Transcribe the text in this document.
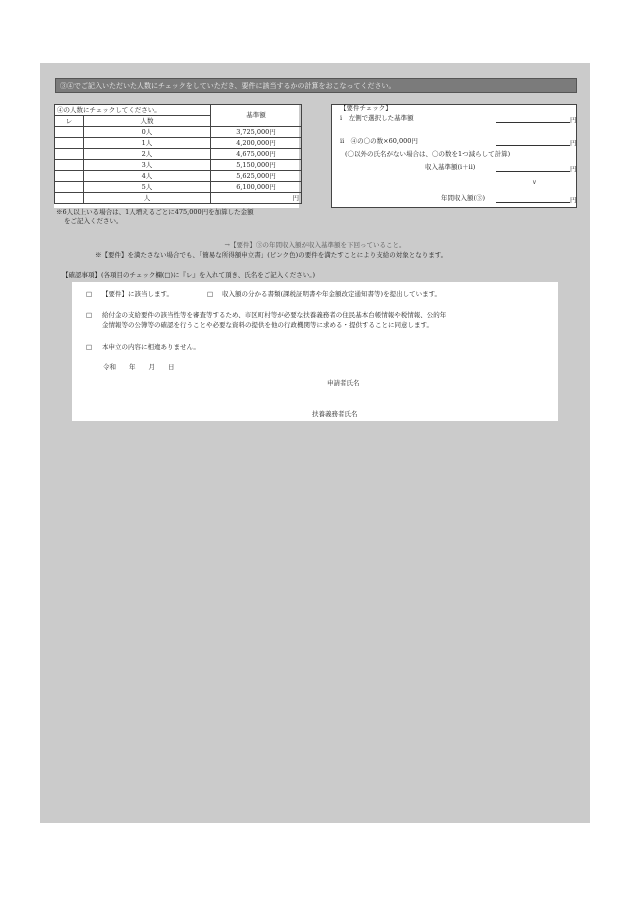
③④でご記入いただいた人数にチェックをしていただき、要件に該当するかの計算をおこなってください。
④の人数にチェックしてください。		基準額
レ	人数	
	0人	3,725,000円
	1人	4,200,000円
	2人	4,675,000円
	3人	5,150,000円
	4人	5,625,000円
	5人	6,100,000円
	人	円
※6人以上いる場合は、1人増えるごとに475,000円を加算した金額
をご記入ください。
【要件チェック】
i　左側で選択した基準額	円
ii　④の〇の数×60,000円	円
(〇以外の氏名がない場合は、〇の数を1つ減らして計算)
収入基準額(i＋ii)	円
∨
年間収入額(③)	円
→【要件】③の年間収入額が収入基準額を下回っていること。
※【要件】を満たさない場合でも、「簡易な所得額申立書」(ピンク色)の要件を満たすことにより支給の対象となります。
【確認事項】(各項目のチェック欄(□)に『レ』を入れて頂き、氏名をご記入ください。)
□ 【要件】に該当します。	□ 収入額の分かる書類(課税証明書や年金額改定通知書等)を提出しています。
□ 給付金の支給要件の該当性等を審査等するため、市区町村等が必要な扶養義務者の住民基本台帳情報や税情報、公的年
金情報等の公簿等の確認を行うことや必要な資料の提供を他の行政機関等に求める・提供することに同意します。
□ 本申立の内容に相違ありません。
令和　　年　　月　　日
申請者氏名
扶養義務者氏名
